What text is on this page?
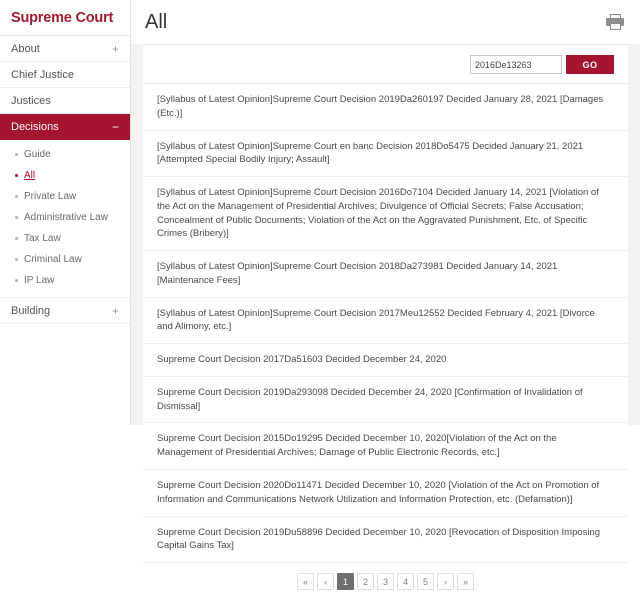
Supreme Court
About	+
Chief Justice
Justices
Decisions	−
Guide
All
Private Law
Administrative Law
Tax Law
Criminal Law
IP Law
Building	+
All
2016De13263
GO
[Syllabus of Latest Opinion]Supreme Court Decision 2019Da260197 Decided January 28, 2021 [Damages (Etc.)]
[Syllabus of Latest Opinion]Supreme Court en banc Decision 2018Do5475 Decided January 21, 2021 [Attempted Special Bodily Injury; Assault]
[Syllabus of Latest Opinion]Supreme Court Decision 2016Do7104 Decided January 14, 2021 [Violation of the Act on the Management of Presidential Archives; Divulgence of Official Secrets; False Accusation; Concealment of Public Documents; Violation of the Act on the Aggravated Punishment, Etc. of Specific Crimes (Bribery)]
[Syllabus of Latest Opinion]Supreme Court Decision 2018Da273981 Decided January 14, 2021 [Maintenance Fees]
[Syllabus of Latest Opinion]Supreme Court Decision 2017Meu12552 Decided February 4, 2021 [Divorce and Alimony, etc.]
Supreme Court Decision 2017Da51603 Decided December 24, 2020
Supreme Court Decision 2019Da293098 Decided December 24, 2020 [Confirmation of Invalidation of Dismissal]
Supreme Court Decision 2015Do19295 Decided December 10, 2020[Violation of the Act on the Management of Presidential Archives; Damage of Public Electronic Records, etc.]
Supreme Court Decision 2020Do11471 Decided December 10, 2020 [Violation of the Act on Promotion of Information and Communications Network Utilization and Information Protection, etc. (Defamation)]
Supreme Court Decision 2019Du58896 Decided December 10, 2020 [Revocation of Disposition Imposing Capital Gains Tax]
«	‹	1	2	3	4	5	›	»
